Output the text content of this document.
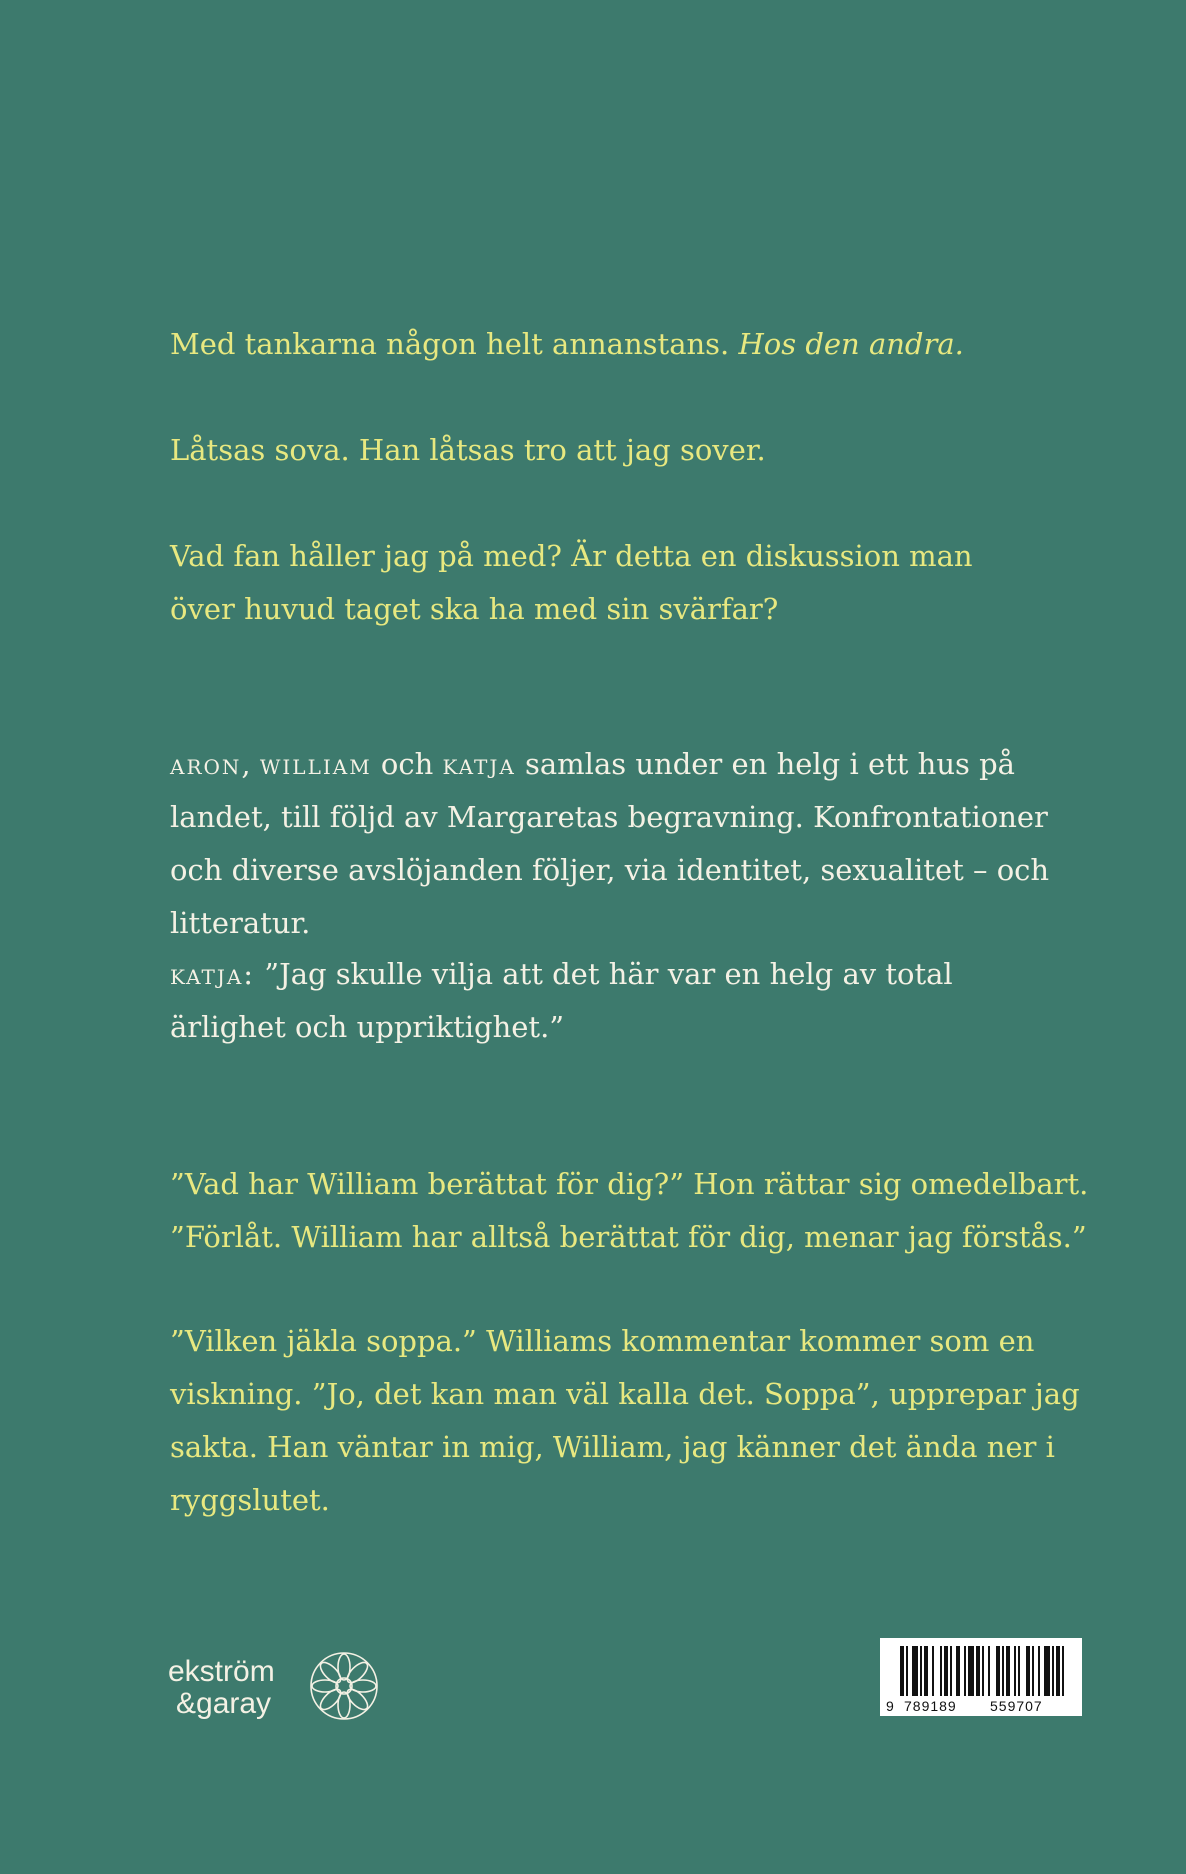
Med tankarna någon helt annanstans. Hos den andra.

Låtsas sova. Han låtsas tro att jag sover.

Vad fan håller jag på med? Är detta en diskussion man över huvud taget ska ha med sin svärfar?

aron, william och katja samlas under en helg i ett hus på landet, till följd av Margaretas begravning. Konfrontationer och diverse avslöjanden följer, via identitet, sexualitet – och litteratur.

katja: ”Jag skulle vilja att det här var en helg av total ärlighet och uppriktighet.”

”Vad har William berättat för dig?” Hon rättar sig omedelbart.

”Förlåt. William har alltså berättat för dig, menar jag förstås.”

”Vilken jäkla soppa.” Williams kommentar kommer som en viskning. ”Jo, det kan man väl kalla det. Soppa”, upprepar jag sakta. Han väntar in mig, William, jag känner det ända ner i ryggslutet.

ekström
&garay	9 789189 559707
